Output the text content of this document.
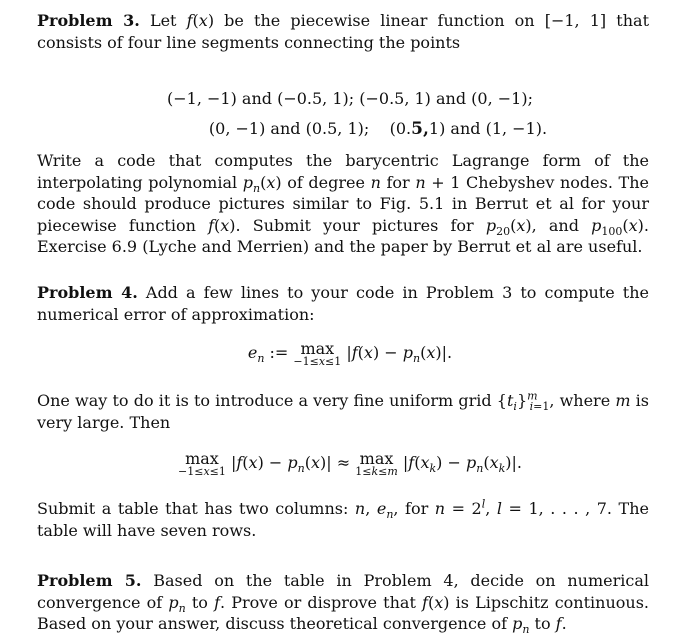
Problem 3. Let f(x) be the piecewise linear function on [−1, 1] that consists of four line segments connecting the points

(−1, −1) and (−0.5, 1); (−0.5, 1) and (0, −1);
(0, −1) and (0.5, 1); (0.5,1) and (1, −1).

Write a code that computes the barycentric Lagrange form of the interpolating polynomial $p_n(x)$ of degree n for n + 1 Chebyshev nodes. The code should produce pictures similar to Fig. 5.1 in Berrut et al for your piecewise function f(x). Submit your pictures for $p_{20}(x)$, and $p_{100}(x)$. Exercise 6.9 (Lyche and Merrien) and the paper by Berrut et al are useful.

Problem 4. Add a few lines to your code in Problem 3 to compute the numerical error of approximation:

$e_n$ := max
−1≤x≤1 $|f(x) - p_n(x)|$.

One way to do it is to introduce a very fine uniform grid $\{t_i\}^m_{i=1}$, where m is very large. Then

max
−1≤x≤1 $|f(x) - p_n(x)| \approx \max$
1≤k≤m $|f(x_k) - p_n(x_k)|$.

Submit a table that has two columns: n, $e_n$, for $n = 2^l$, l = 1, . . . , 7. The table will have seven rows.

Problem 5. Based on the table in Problem 4, decide on numerical convergence of $p_n$ to f. Prove or disprove that f(x) is Lipschitz continuous. Based on your answer, discuss theoretical convergence of $p_n$ to f.
